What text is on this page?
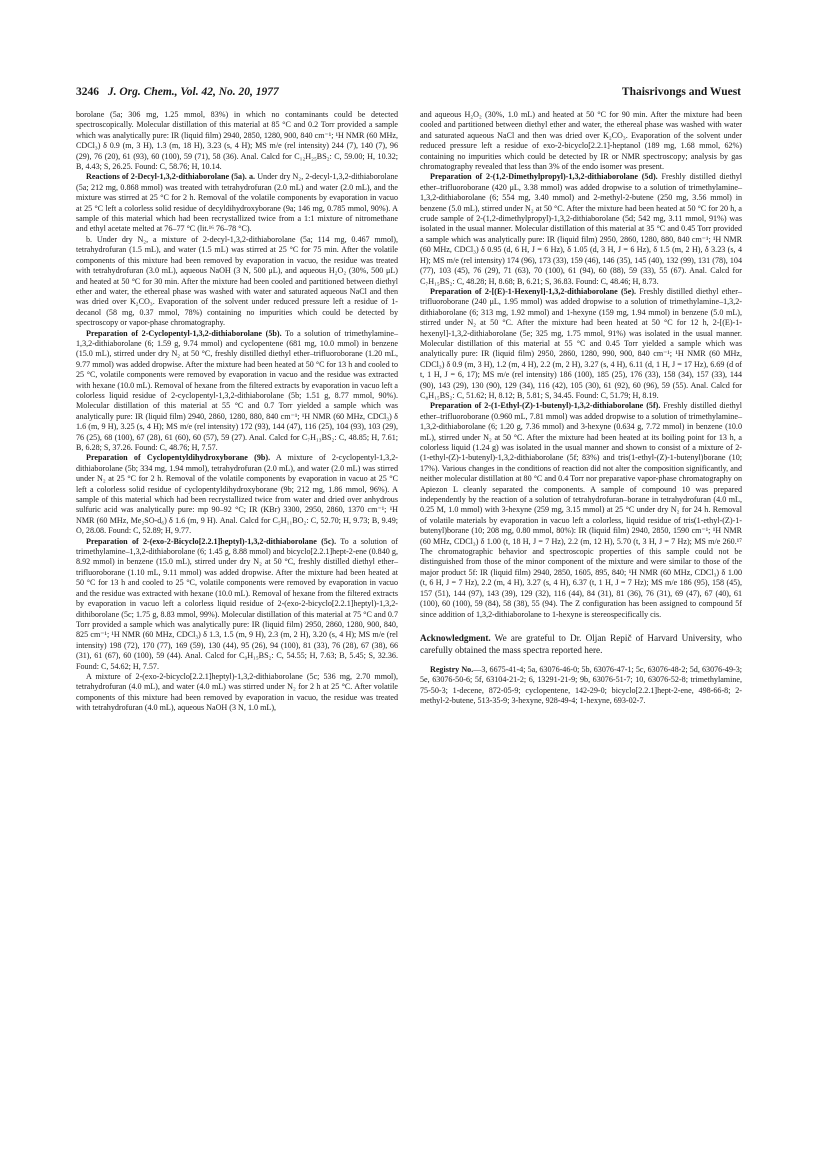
3246 J. Org. Chem., Vol. 42, No. 20, 1977	Thaisrivongs and Wuest

borolane (5a; 306 mg, 1.25 mmol, 83%) in which no contaminants could be detected spectroscopically. Molecular distillation of this material at 85 °C and 0.2 Torr provided a sample which was analytically pure: IR (liquid film) 2940, 2850, 1280, 900, 840 cm⁻¹; ¹H NMR (60 MHz, CDCl₃) δ 0.9 (m, 3 H), 1.3 (m, 18 H), 3.23 (s, 4 H); MS m/e (rel intensity) 244 (7), 140 (7), 96 (29), 76 (20), 61 (93), 60 (100), 59 (71), 58 (36). Anal. Calcd for C₁₂H₂₅BS₂: C, 59.00; H, 10.32; B, 4.43; S, 26.25. Found: C, 58.76; H, 10.14.

Reactions of 2-Decyl-1,3,2-dithiaborolane (5a). a. Under dry N₂, 2-decyl-1,3,2-dithiaborolane (5a; 212 mg, 0.868 mmol) was treated with tetrahydrofuran (2.0 mL) and water (2.0 mL), and the mixture was stirred at 25 °C for 2 h. Removal of the volatile components by evaporation in vacuo at 25 °C left a colorless solid residue of decyldihydroxyborane (9a; 146 mg, 0.785 mmol, 90%). A sample of this material which had been recrystallized twice from a 1:1 mixture of nitromethane and ethyl acetate melted at 76–77 °C (lit.¹⁶ 76–78 °C).

b. Under dry N₂, a mixture of 2-decyl-1,3,2-dithiaborolane (5a; 114 mg, 0.467 mmol), tetrahydrofuran (1.5 mL), and water (1.5 mL) was stirred at 25 °C for 75 min. After the volatile components of this mixture had been removed by evaporation in vacuo, the residue was treated with tetrahydrofuran (3.0 mL), aqueous NaOH (3 N, 500 μL), and aqueous H₂O₂ (30%, 500 μL) and heated at 50 °C for 30 min. After the mixture had been cooled and partitioned between diethyl ether and water, the ethereal phase was washed with water and saturated aqueous NaCl and then was dried over K₂CO₃. Evaporation of the solvent under reduced pressure left a residue of 1-decanol (58 mg, 0.37 mmol, 78%) containing no impurities which could be detected by spectroscopy or vapor-phase chromatography.

Preparation of 2-Cyclopentyl-1,3,2-dithiaborolane (5b). To a solution of trimethylamine–1,3,2-dithiaborolane (6; 1.59 g, 9.74 mmol) and cyclopentene (681 mg, 10.0 mmol) in benzene (15.0 mL), stirred under dry N₂ at 50 °C, freshly distilled diethyl ether–trifluoroborane (1.20 mL, 9.77 mmol) was added dropwise. After the mixture had been heated at 50 °C for 13 h and cooled to 25 °C, volatile components were removed by evaporation in vacuo and the residue was extracted with hexane (10.0 mL). Removal of hexane from the filtered extracts by evaporation in vacuo left a colorless liquid residue of 2-cyclopentyl-1,3,2-dithiaborolane (5b; 1.51 g, 8.77 mmol, 90%). Molecular distillation of this material at 55 °C and 0.7 Torr yielded a sample which was analytically pure: IR (liquid film) 2940, 2860, 1280, 880, 840 cm⁻¹; ¹H NMR (60 MHz, CDCl₃) δ 1.6 (m, 9 H), 3.25 (s, 4 H); MS m/e (rel intensity) 172 (93), 144 (47), 116 (25), 104 (93), 103 (29), 76 (25), 68 (100), 67 (28), 61 (60), 60 (57), 59 (27). Anal. Calcd for C₇H₁₃BS₂: C, 48.85; H, 7.61; B, 6.28; S, 37.26. Found: C, 48.76; H, 7.57.

Preparation of Cyclopentyldihydroxyborane (9b). A mixture of 2-cyclopentyl-1,3,2-dithiaborolane (5b; 334 mg, 1.94 mmol), tetrahydrofuran (2.0 mL), and water (2.0 mL) was stirred under N₂ at 25 °C for 2 h. Removal of the volatile components by evaporation in vacuo at 25 °C left a colorless solid residue of cyclopentyldihydroxyborane (9b; 212 mg, 1.86 mmol, 96%). A sample of this material which had been recrystallized twice from water and dried over anhydrous sulfuric acid was analytically pure: mp 90–92 °C; IR (KBr) 3300, 2950, 2860, 1370 cm⁻¹; ¹H NMR (60 MHz, Me₂SO-d₆) δ 1.6 (m, 9 H). Anal. Calcd for C₅H₁₁BO₂: C, 52.70; H, 9.73; B, 9.49; O, 28.08. Found: C, 52.89; H, 9.77.

Preparation of 2-(exo-2-Bicyclo[2.2.1]heptyl)-1,3,2-dithiaborolane (5c). To a solution of trimethylamine–1,3,2-dithiaborolane (6; 1.45 g, 8.88 mmol) and bicyclo[2.2.1]hept-2-ene (0.840 g, 8.92 mmol) in benzene (15.0 mL), stirred under dry N₂ at 50 °C, freshly distilled diethyl ether–trifluoroborane (1.10 mL, 9.11 mmol) was added dropwise. After the mixture had been heated at 50 °C for 13 h and cooled to 25 °C, volatile components were removed by evaporation in vacuo and the residue was extracted with hexane (10.0 mL). Removal of hexane from the filtered extracts by evaporation in vacuo left a colorless liquid residue of 2-(exo-2-bicyclo[2.2.1]heptyl)-1,3,2-dithiborolane (5c; 1.75 g, 8.83 mmol, 99%). Molecular distillation of this material at 75 °C and 0.7 Torr provided a sample which was analytically pure: IR (liquid film) 2950, 2860, 1280, 900, 840, 825 cm⁻¹; ¹H NMR (60 MHz, CDCl₃) δ 1.3, 1.5 (m, 9 H), 2.3 (m, 2 H), 3.20 (s, 4 H); MS m/e (rel intensity) 198 (72), 170 (77), 169 (59), 130 (44), 95 (26), 94 (100), 81 (33), 76 (28), 67 (38), 66 (31), 61 (67), 60 (100), 59 (44). Anal. Calcd for C₉H₁₅BS₂: C, 54.55; H, 7.63; B, 5.45; S, 32.36. Found: C, 54.62; H, 7.57.

A mixture of 2-(exo-2-bicyclo[2.2.1]heptyl)-1,3,2-dithiaborolane (5c; 536 mg, 2.70 mmol), tetrahydrofuran (4.0 mL), and water (4.0 mL) was stirred under N₂ for 2 h at 25 °C. After volatile components of this mixture had been removed by evaporation in vacuo, the residue was treated with tetrahydrofuran (4.0 mL), aqueous NaOH (3 N, 1.0 mL),

and aqueous H₂O₂ (30%, 1.0 mL) and heated at 50 °C for 90 min. After the mixture had been cooled and partitioned between diethyl ether and water, the ethereal phase was washed with water and saturated aqueous NaCl and then was dried over K₂CO₃. Evaporation of the solvent under reduced pressure left a residue of exo-2-bicyclo[2.2.1]-heptanol (189 mg, 1.68 mmol, 62%) containing no impurities which could be detected by IR or NMR spectroscopy; analysis by gas chromatography revealed that less than 3% of the endo isomer was present.

Preparation of 2-(1,2-Dimethylpropyl)-1,3,2-dithiaborolane (5d). Freshly distilled diethyl ether–trifluoroborane (420 μL, 3.38 mmol) was added dropwise to a solution of trimethylamine–1,3,2-dithiaborolane (6; 554 mg, 3.40 mmol) and 2-methyl-2-butene (250 mg, 3.56 mmol) in benzene (5.0 mL), stirred under N₂ at 50 °C. After the mixture had been heated at 50 °C for 20 h, a crude sample of 2-(1,2-dimethylpropyl)-1,3,2-dithiaborolane (5d; 542 mg, 3.11 mmol, 91%) was isolated in the usual manner. Molecular distillation of this material at 35 °C and 0.45 Torr provided a sample which was analytically pure: IR (liquid film) 2950, 2860, 1280, 880, 840 cm⁻¹; ¹H NMR (60 MHz, CDCl₃) δ 0.95 (d, 6 H, J = 6 Hz), δ 1.05 (d, 3 H, J = 6 Hz), δ 1.5 (m, 2 H), δ 3.23 (s, 4 H); MS m/e (rel intensity) 174 (96), 173 (33), 159 (46), 146 (35), 145 (40), 132 (99), 131 (78), 104 (77), 103 (45), 76 (29), 71 (63), 70 (100), 61 (94), 60 (88), 59 (33), 55 (67). Anal. Calcd for C₇H₁₅BS₂: C, 48.28; H, 8.68; B, 6.21; S, 36.83. Found: C, 48.46; H, 8.73.

Preparation of 2-[(E)-1-Hexenyl]-1,3,2-dithiaborolane (5e). Freshly distilled diethyl ether–trifluoroborane (240 μL, 1.95 mmol) was added dropwise to a solution of trimethylamine–1,3,2-dithiaborolane (6; 313 mg, 1.92 mmol) and 1-hexyne (159 mg, 1.94 mmol) in benzene (5.0 mL), stirred under N₂ at 50 °C. After the mixture had been heated at 50 °C for 12 h, 2-[(E)-1-hexenyl]-1,3,2-dithiaborolane (5e; 325 mg, 1.75 mmol, 91%) was isolated in the usual manner. Molecular distillation of this material at 55 °C and 0.45 Torr yielded a sample which was analytically pure: IR (liquid film) 2950, 2860, 1280, 990, 900, 840 cm⁻¹; ¹H NMR (60 MHz, CDCl₃) δ 0.9 (m, 3 H), 1.2 (m, 4 H), 2.2 (m, 2 H), 3.27 (s, 4 H), 6.11 (d, 1 H, J = 17 Hz), 6.69 (d of t, 1 H, J = 6, 17); MS m/e (rel intensity) 186 (100), 185 (25), 176 (33), 158 (34), 157 (33), 144 (90), 143 (29), 130 (90), 129 (34), 116 (42), 105 (30), 61 (92), 60 (96), 59 (55). Anal. Calcd for C₈H₁₅BS₂: C, 51.62; H, 8.12; B, 5.81; S, 34.45. Found: C, 51.79; H, 8.19.

Preparation of 2-(1-Ethyl-(Z)-1-butenyl)-1,3,2-dithiaborolane (5f). Freshly distilled diethyl ether–trifluoroborane (0.960 mL, 7.81 mmol) was added dropwise to a solution of trimethylamine–1,3,2-dithiaborolane (6; 1.20 g, 7.36 mmol) and 3-hexyne (0.634 g, 7.72 mmol) in benzene (10.0 mL), stirred under N₂ at 50 °C. After the mixture had been heated at its boiling point for 13 h, a colorless liquid (1.24 g) was isolated in the usual manner and shown to consist of a mixture of 2-(1-ethyl-(Z)-1-butenyl)-1,3,2-dithiaborolane (5f; 83%) and tris(1-ethyl-(Z)-1-butenyl)borane (10; 17%). Various changes in the conditions of reaction did not alter the composition significantly, and neither molecular distillation at 80 °C and 0.4 Torr nor preparative vapor-phase chromatography on Apiezon L cleanly separated the components. A sample of compound 10 was prepared independently by the reaction of a solution of tetrahydrofuran–borane in tetrahydrofuran (4.0 mL, 0.25 M, 1.0 mmol) with 3-hexyne (259 mg, 3.15 mmol) at 25 °C under dry N₂ for 24 h. Removal of volatile materials by evaporation in vacuo left a colorless, liquid residue of tris(1-ethyl-(Z)-1-butenyl)borane (10; 208 mg, 0.80 mmol, 80%): IR (liquid film) 2940, 2850, 1590 cm⁻¹; ¹H NMR (60 MHz, CDCl₃) δ 1.00 (t, 18 H, J = 7 Hz), 2.2 (m, 12 H), 5.70 (t, 3 H, J = 7 Hz); MS m/e 260.¹⁷ The chromatographic behavior and spectroscopic properties of this sample could not be distinguished from those of the minor component of the mixture and were similar to those of the major product 5f: IR (liquid film) 2940, 2850, 1605, 895, 840; ¹H NMR (60 MHz, CDCl₃) δ 1.00 (t, 6 H, J = 7 Hz), 2.2 (m, 4 H), 3.27 (s, 4 H), 6.37 (t, 1 H, J = 7 Hz); MS m/e 186 (95), 158 (45), 157 (51), 144 (97), 143 (39), 129 (32), 116 (44), 84 (31), 81 (36), 76 (31), 69 (47), 67 (40), 61 (100), 60 (100), 59 (84), 58 (38), 55 (94). The Z configuration has been assigned to compound 5f since addition of 1,3,2-dithiaborolane to 1-hexyne is stereospecifically cis.

Acknowledgment. We are grateful to Dr. Oljan Repič of Harvard University, who carefully obtained the mass spectra reported here.

Registry No.—3, 6675-41-4; 5a, 63076-46-0; 5b, 63076-47-1; 5c, 63076-48-2; 5d, 63076-49-3; 5e, 63076-50-6; 5f, 63104-21-2; 6, 13291-21-9; 9b, 63076-51-7; 10, 63076-52-8; trimethylamine, 75-50-3; 1-decene, 872-05-9; cyclopentene, 142-29-0; bicyclo[2.2.1]hept-2-ene, 498-66-8; 2-methyl-2-butene, 513-35-9; 3-hexyne, 928-49-4; 1-hexyne, 693-02-7.
